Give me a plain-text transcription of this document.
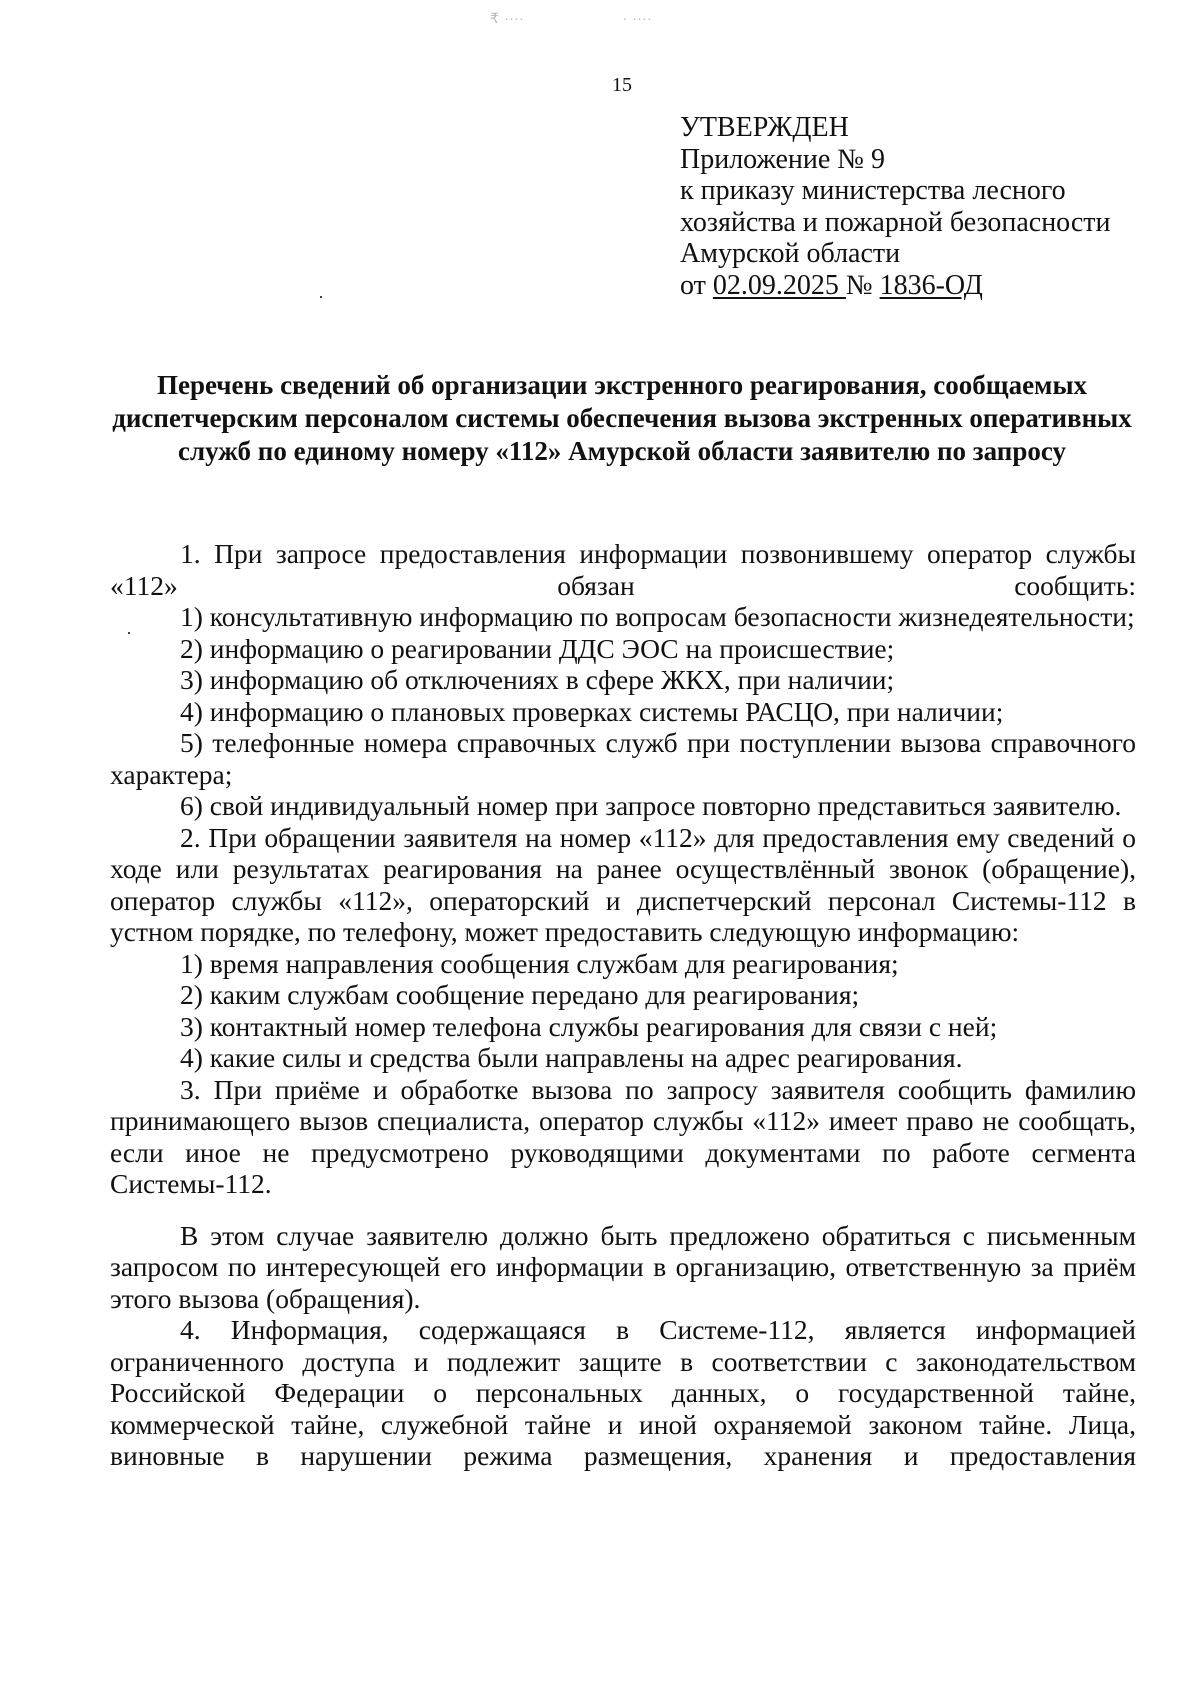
₹ ∙∙∙∙	∙ ∙∙∙∙
15
УТВЕРЖДЕН
Приложение № 9
к приказу министерства лесного
хозяйства и пожарной безопасности
Амурской области
от 02.09.2025 № 1836-ОД
Перечень сведений об организации экстренного реагирования, сообщаемых диспетчерским персоналом системы обеспечения вызова экстренных оперативных служб по единому номеру «112» Амурской области заявителю по запросу

1. При запросе предоставления информации позвонившему оператор службы «112» обязан сообщить:

1) консультативную информацию по вопросам безопасности жизнедеятельности;

2) информацию о реагировании ДДС ЭОС на происшествие;

3) информацию об отключениях в сфере ЖКХ, при наличии;

4) информацию о плановых проверках системы РАСЦО, при наличии;

5) телефонные номера справочных служб при поступлении вызова справочного характера;

6) свой индивидуальный номер при запросе повторно представиться заявителю.

2. При обращении заявителя на номер «112» для предоставления ему сведений о ходе или результатах реагирования на ранее осуществлённый звонок (обращение), оператор службы «112», операторский и диспетчерский персонал Системы-112 в устном порядке, по телефону, может предоставить следующую информацию:

1) время направления сообщения службам для реагирования;

2) каким службам сообщение передано для реагирования;

3) контактный номер телефона службы реагирования для связи с ней;

4) какие силы и средства были направлены на адрес реагирования.

3. При приёме и обработке вызова по запросу заявителя сообщить фамилию принимающего вызов специалиста, оператор службы «112» имеет право не сообщать, если иное не предусмотрено руководящими документами по работе сегмента Системы-112.

В этом случае заявителю должно быть предложено обратиться с письменным запросом по интересующей его информации в организацию, ответственную за приём этого вызова (обращения).

4. Информация, содержащаяся в Системе-112, является информацией ограниченного доступа и подлежит защите в соответствии с законодательством Российской Федерации о персональных данных, о государственной тайне, коммерческой тайне, служебной тайне и иной охраняемой законом тайне. Лица, виновные в нарушении режима размещения, хранения и предоставления
